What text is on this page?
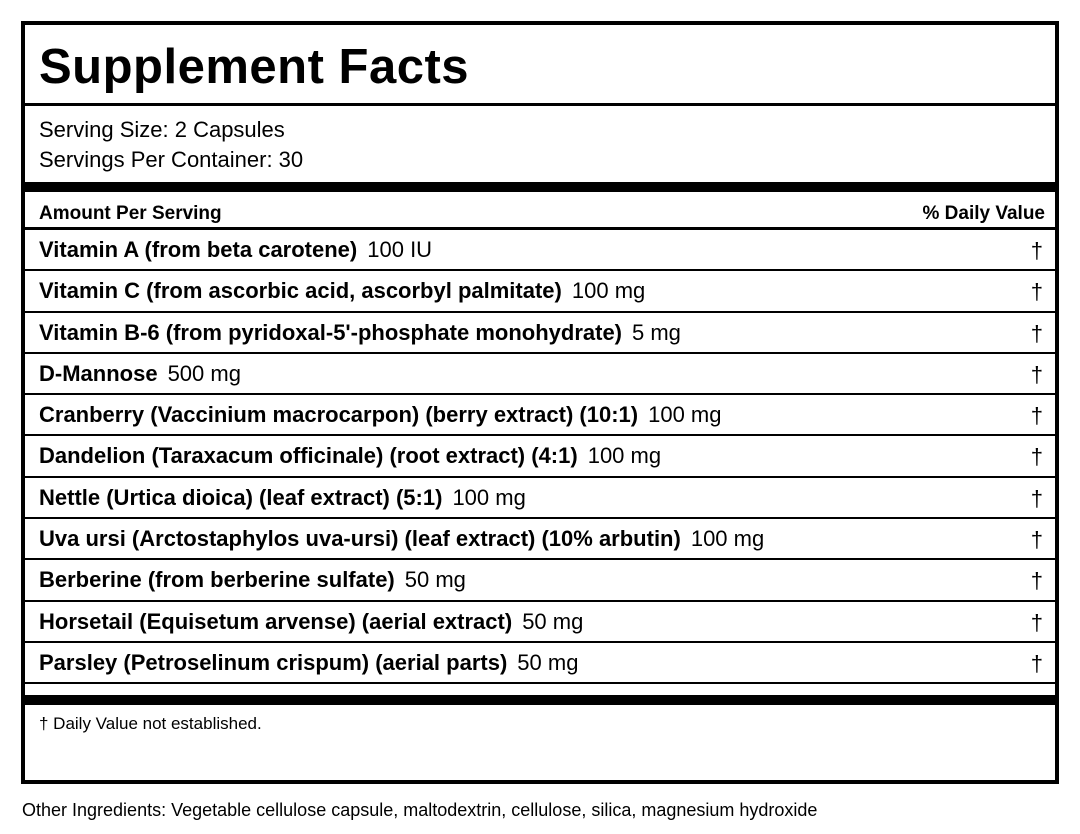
Supplement Facts
Serving Size: 2 Capsules
Servings Per Container: 30
Amount Per Serving	% Daily Value
Vitamin A (from beta carotene) 100 IU	†
Vitamin C (from ascorbic acid, ascorbyl palmitate) 100 mg	†
Vitamin B-6 (from pyridoxal-5'-phosphate monohydrate) 5 mg	†
D-Mannose 500 mg	†
Cranberry (Vaccinium macrocarpon) (berry extract) (10:1) 100 mg	†
Dandelion (Taraxacum officinale) (root extract) (4:1) 100 mg	†
Nettle (Urtica dioica) (leaf extract) (5:1) 100 mg	†
Uva ursi (Arctostaphylos uva-ursi) (leaf extract) (10% arbutin) 100 mg	†
Berberine (from berberine sulfate) 50 mg	†
Horsetail (Equisetum arvense) (aerial extract) 50 mg	†
Parsley (Petroselinum crispum) (aerial parts) 50 mg	†
† Daily Value not established.
Other Ingredients: Vegetable cellulose capsule, maltodextrin, cellulose, silica, magnesium hydroxide
